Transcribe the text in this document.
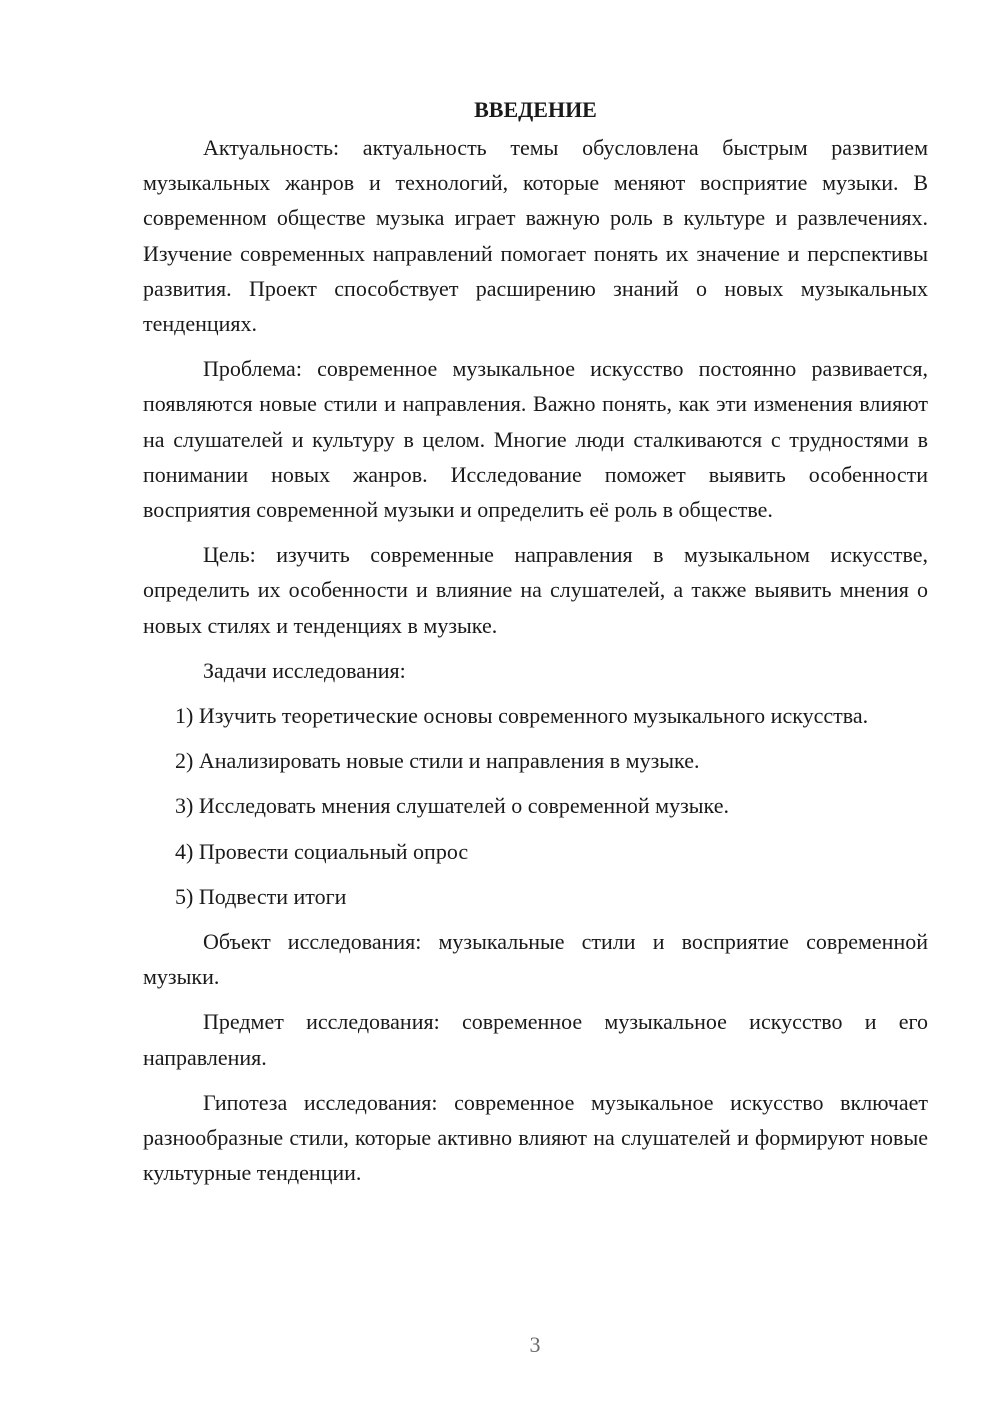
ВВЕДЕНИЕ

Актуальность: актуальность темы обусловлена быстрым развитием музыкальных жанров и технологий, которые меняют восприятие музыки. В современном обществе музыка играет важную роль в культуре и развлечениях. Изучение современных направлений помогает понять их значение и перспективы развития. Проект способствует расширению знаний о новых музыкальных тенденциях.

Проблема: современное музыкальное искусство постоянно развивается, появляются новые стили и направления. Важно понять, как эти изменения влияют на слушателей и культуру в целом. Многие люди сталкиваются с трудностями в понимании новых жанров. Исследование поможет выявить особенности восприятия современной музыки и определить её роль в обществе.

Цель: изучить современные направления в музыкальном искусстве, определить их особенности и влияние на слушателей, а также выявить мнения о новых стилях и тенденциях в музыке.

Задачи исследования:

1) Изучить теоретические основы современного музыкального искусства.

2) Анализировать новые стили и направления в музыке.

3) Исследовать мнения слушателей о современной музыке.

4) Провести социальный опрос

5) Подвести итоги

Объект исследования: музыкальные стили и восприятие современной музыки.

Предмет исследования: современное музыкальное искусство и его направления.

Гипотеза исследования: современное музыкальное искусство включает разнообразные стили, которые активно влияют на слушателей и формируют новые культурные тенденции.

3
